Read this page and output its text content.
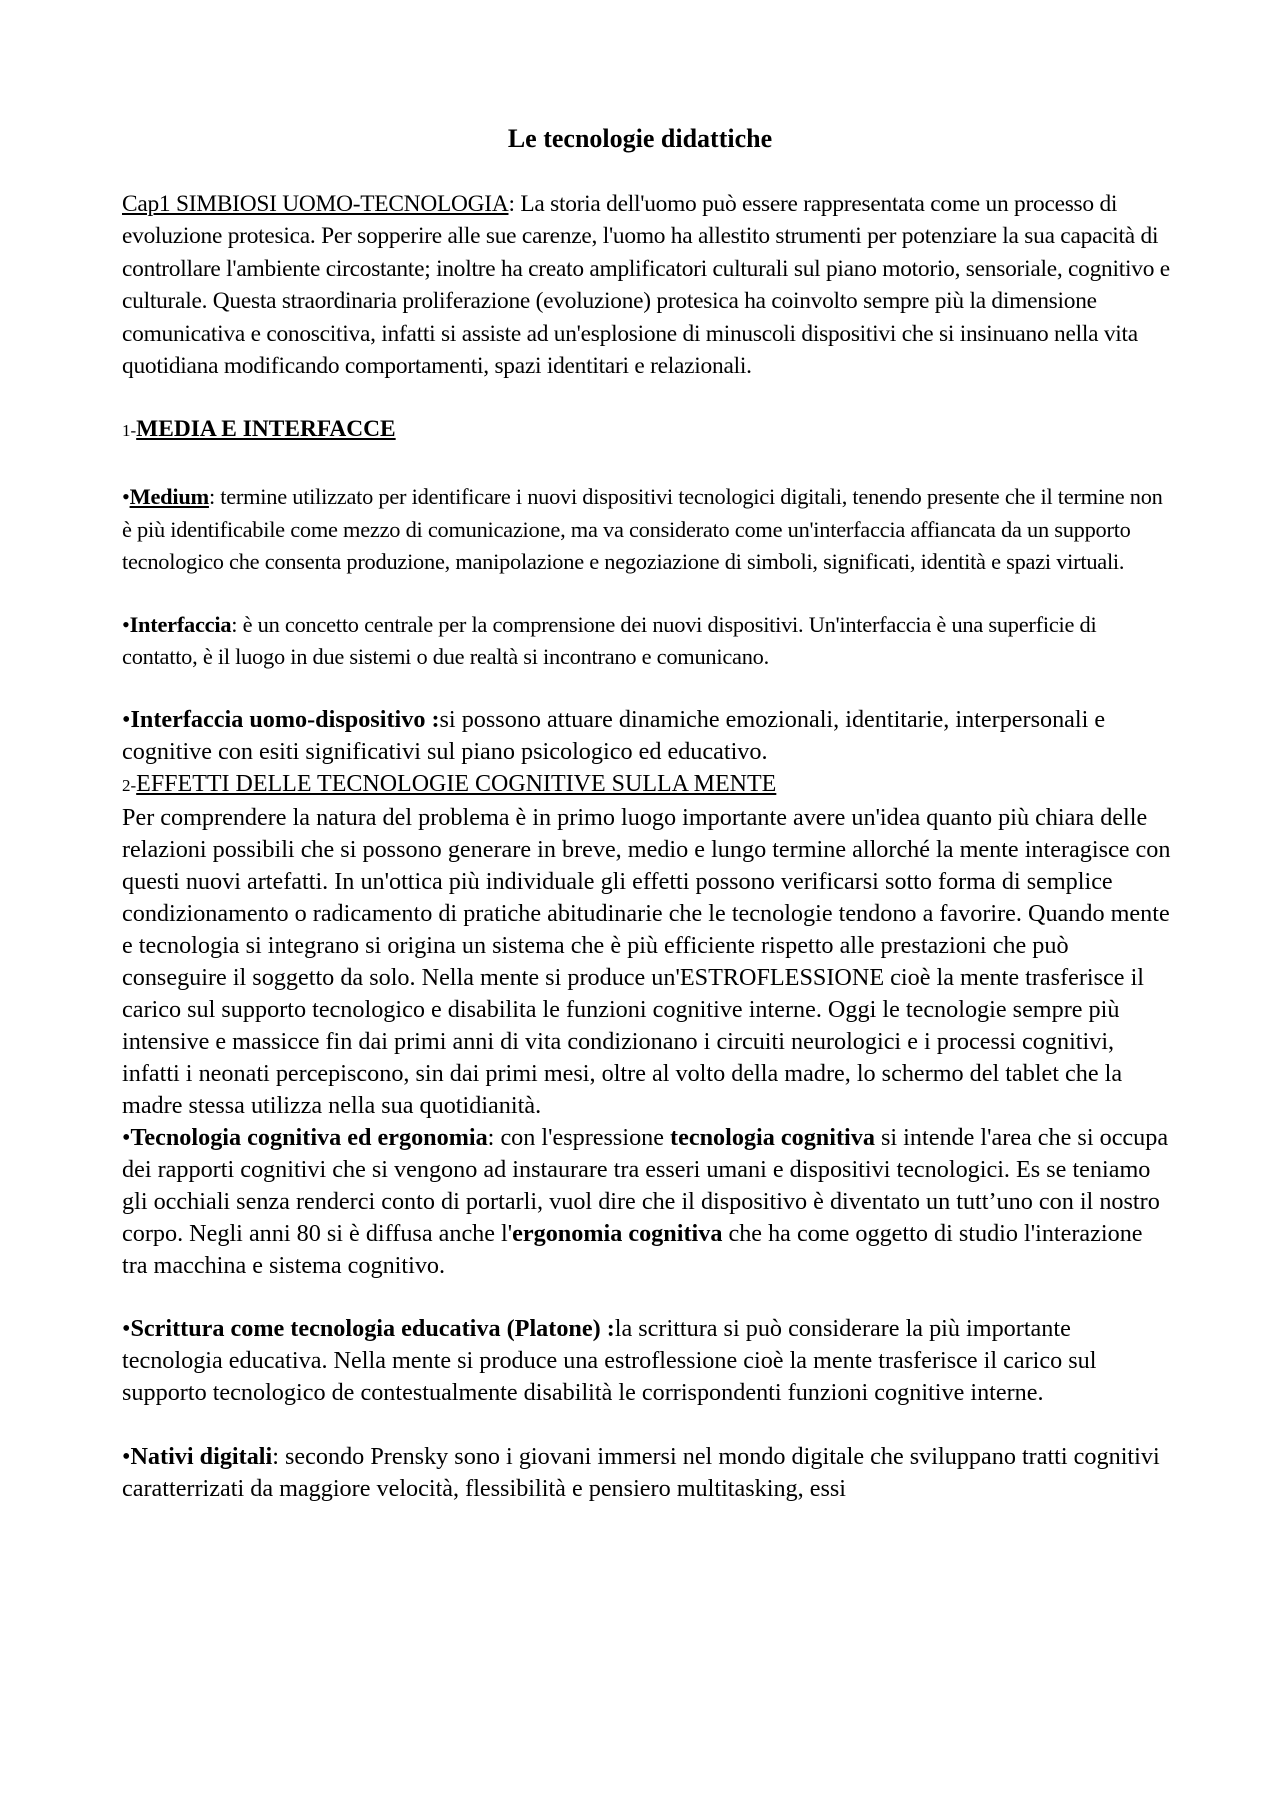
Le tecnologie didattiche

Cap1 SIMBIOSI UOMO-TECNOLOGIA: La storia dell'uomo può essere rappresentata come un processo di evoluzione protesica. Per sopperire alle sue carenze, l'uomo ha allestito strumenti per potenziare la sua capacità di controllare l'ambiente circostante; inoltre ha creato amplificatori culturali sul piano motorio, sensoriale, cognitivo e culturale. Questa straordinaria proliferazione (evoluzione) protesica ha coinvolto sempre più la dimensione comunicativa e conoscitiva, infatti si assiste ad un'esplosione di minuscoli dispositivi che si insinuano nella vita quotidiana modificando comportamenti, spazi identitari e relazionali.

1-MEDIA E INTERFACCE

•Medium: termine utilizzato per identificare i nuovi dispositivi tecnologici digitali, tenendo presente che il termine non è più identificabile come mezzo di comunicazione, ma va considerato come un'interfaccia affiancata da un supporto tecnologico che consenta produzione, manipolazione e negoziazione di simboli, significati, identità e spazi virtuali.

•Interfaccia: è un concetto centrale per la comprensione dei nuovi dispositivi. Un'interfaccia è una superficie di contatto, è il luogo in due sistemi o due realtà si incontrano e comunicano.

•Interfaccia uomo-dispositivo :si possono attuare dinamiche emozionali, identitarie, interpersonali e cognitive con esiti significativi sul piano psicologico ed educativo.

2-EFFETTI DELLE TECNOLOGIE COGNITIVE SULLA MENTE

Per comprendere la natura del problema è in primo luogo importante avere un'idea quanto più chiara delle relazioni possibili che si possono generare in breve, medio e lungo termine allorché la mente interagisce con questi nuovi artefatti. In un'ottica più individuale gli effetti possono verificarsi sotto forma di semplice condizionamento o radicamento di pratiche abitudinarie che le tecnologie tendono a favorire. Quando mente e tecnologia si integrano si origina un sistema che è più efficiente rispetto alle prestazioni che può conseguire il soggetto da solo. Nella mente si produce un'ESTROFLESSIONE cioè la mente trasferisce il carico sul supporto tecnologico e disabilita le funzioni cognitive interne. Oggi le tecnologie sempre più intensive e massicce fin dai primi anni di vita condizionano i circuiti neurologici e i processi cognitivi, infatti i neonati percepiscono, sin dai primi mesi, oltre al volto della madre, lo schermo del tablet che la madre stessa utilizza nella sua quotidianità.

•Tecnologia cognitiva ed ergonomia: con l'espressione tecnologia cognitiva si intende l'area che si occupa dei rapporti cognitivi che si vengono ad instaurare tra esseri umani e dispositivi tecnologici. Es se teniamo gli occhiali senza renderci conto di portarli, vuol dire che il dispositivo è diventato un tutt’uno con il nostro corpo. Negli anni 80 si è diffusa anche l'ergonomia cognitiva che ha come oggetto di studio l'interazione tra macchina e sistema cognitivo.

•Scrittura come tecnologia educativa (Platone) :la scrittura si può considerare la più importante tecnologia educativa. Nella mente si produce una estroflessione cioè la mente trasferisce il carico sul supporto tecnologico de contestualmente disabilità le corrispondenti funzioni cognitive interne.

•Nativi digitali: secondo Prensky sono i giovani immersi nel mondo digitale che sviluppano tratti cognitivi caratterrizati da maggiore velocità, flessibilità e pensiero multitasking, essi
